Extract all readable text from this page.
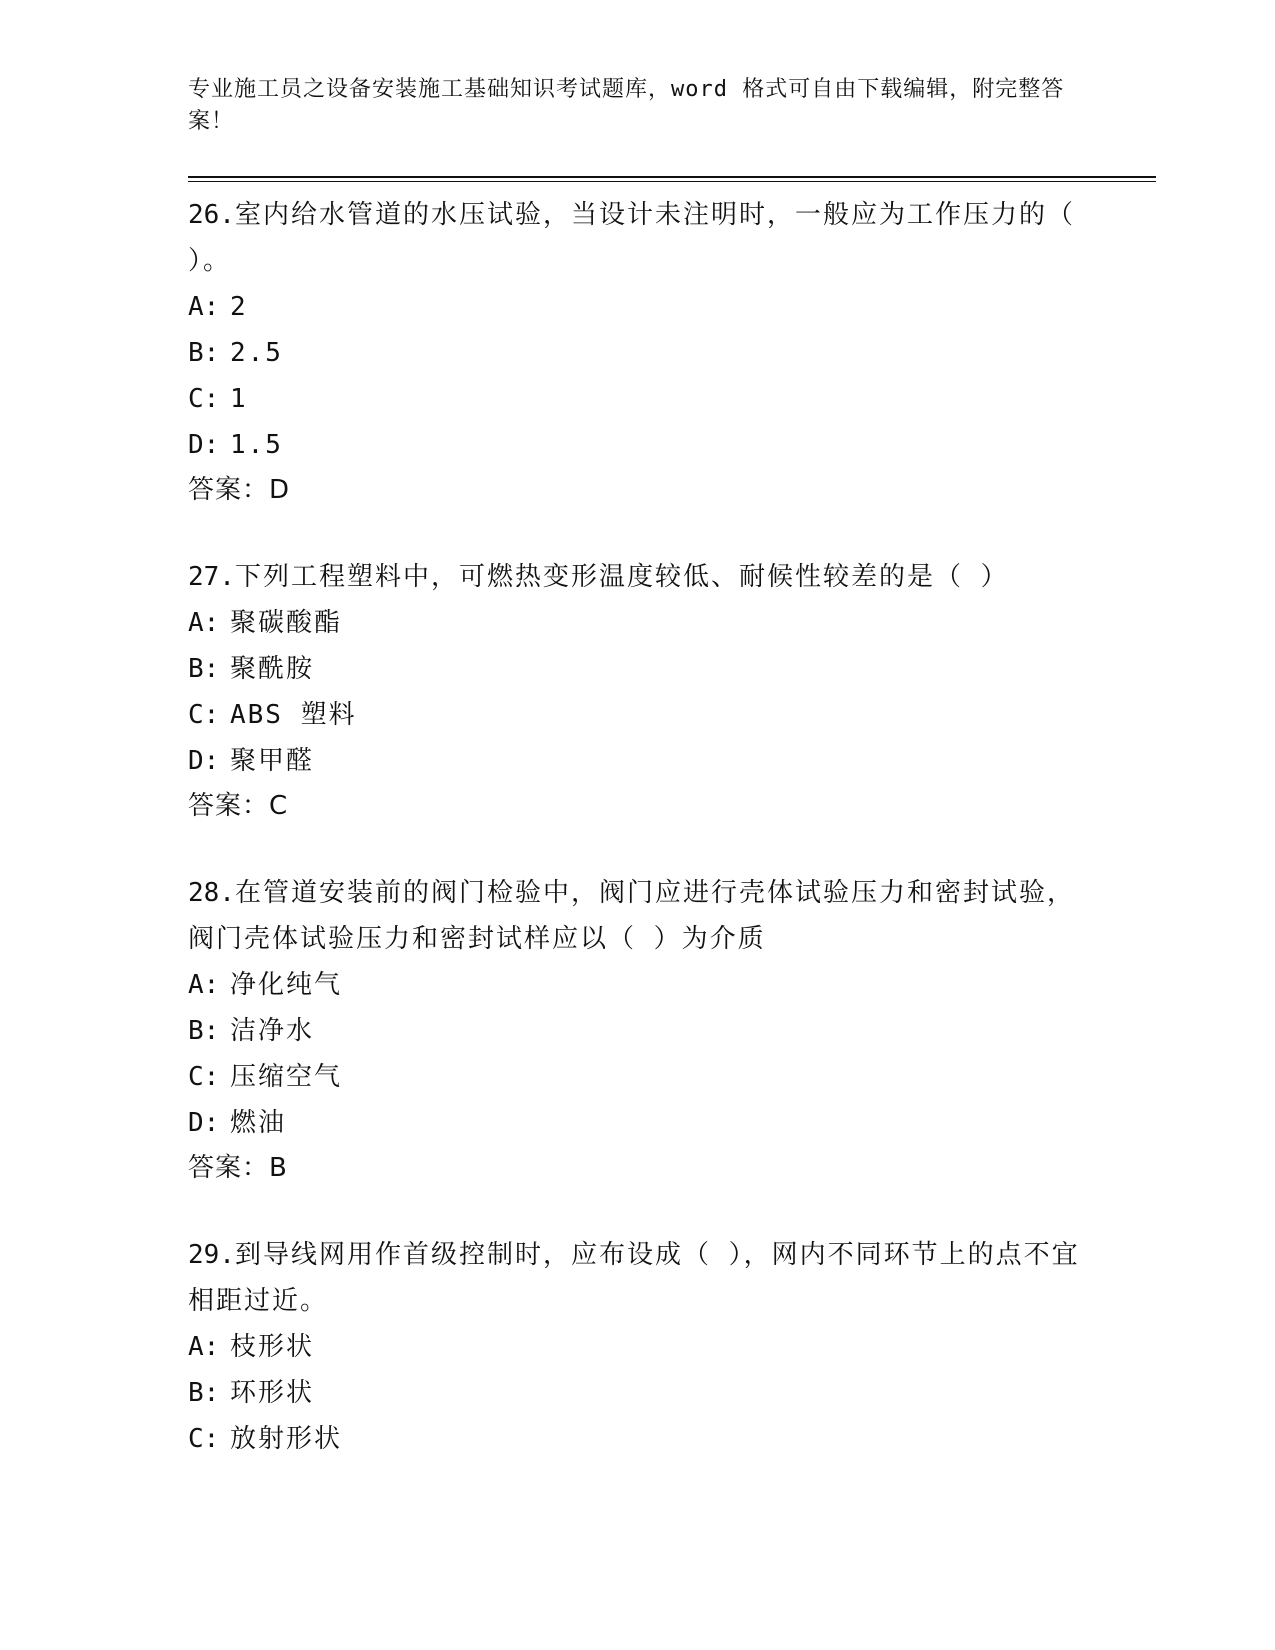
专业施工员之设备安装施工基础知识考试题库，word 格式可自由下载编辑，附完整答案！
26.室内给水管道的水压试验，当设计未注明时，一般应为工作压力的（ ）。
A: 2
B: 2.5
C: 1
D: 1.5
答案：D
27.下列工程塑料中，可燃热变形温度较低、耐候性较差的是（ ）
A: 聚碳酸酯
B: 聚酰胺
C: ABS 塑料
D: 聚甲醛
答案：C
28.在管道安装前的阀门检验中，阀门应进行壳体试验压力和密封试验，阀门壳体试验压力和密封试样应以（ ）为介质
A: 净化纯气
B: 洁净水
C: 压缩空气
D: 燃油
答案：B
29.到导线网用作首级控制时，应布设成（ ），网内不同环节上的点不宜相距过近。
A: 枝形状
B: 环形状
C: 放射形状
